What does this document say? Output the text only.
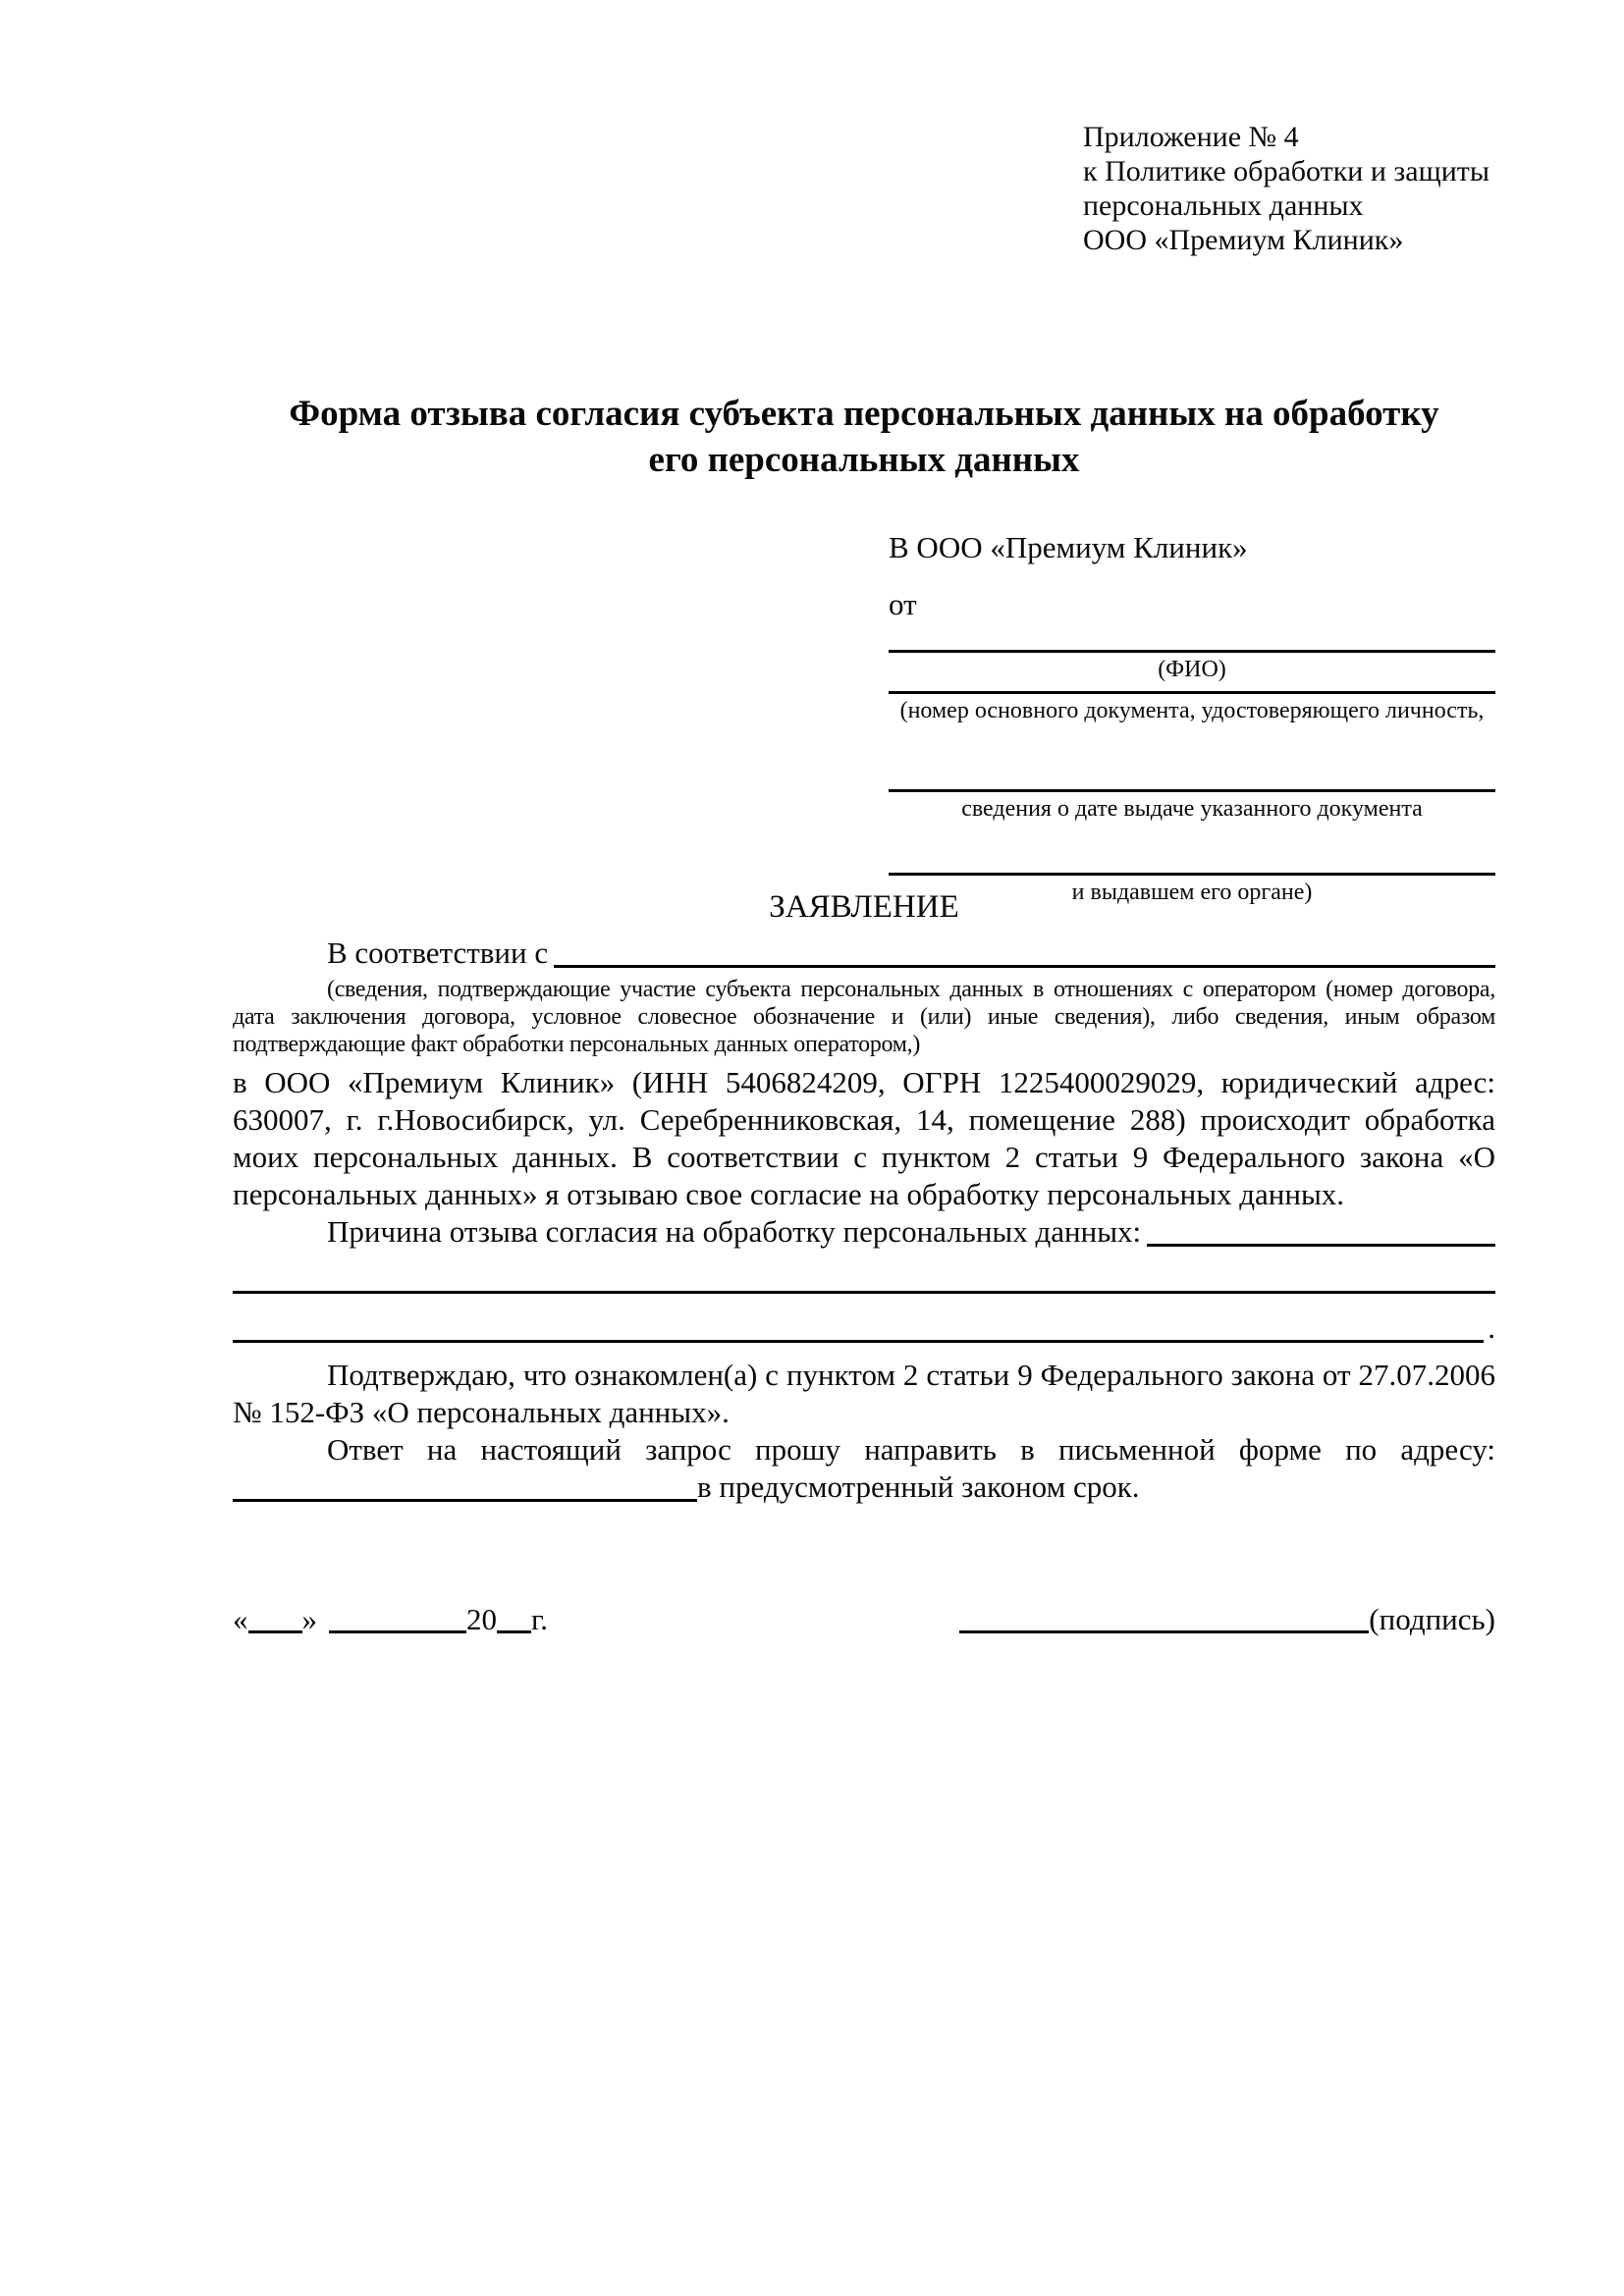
Приложение № 4
к Политике обработки и защиты
персональных данных
ООО «Премиум Клиник»
Форма отзыва согласия субъекта персональных данных на обработку
его персональных данных
В ООО «Премиум Клиник»
от
(ФИО)
(номер основного документа, удостоверяющего личность,
сведения о дате выдаче указанного документа
и выдавшем его органе)
ЗАЯВЛЕНИЕ
В соответствии с
(сведения, подтверждающие участие субъекта персональных данных в отношениях с оператором (номер договора, дата заключения договора, условное словесное обозначение и (или) иные сведения), либо сведения, иным образом подтверждающие факт обработки персональных данных оператором,)

в ООО «Премиум Клиник» (ИНН 5406824209, ОГРН 1225400029029, юридический адрес: 630007, г. г.Новосибирск, ул. Серебренниковская, 14, помещение 288) происходит обработка моих персональных данных. В соответствии с пунктом 2 статьи 9 Федерального закона «О персональных данных» я отзываю свое согласие на обработку персональных данных.

Причина отзыва согласия на обработку персональных данных:
.

Подтверждаю, что ознакомлен(а) с пунктом 2 статьи 9 Федерального закона от 27.07.2006 № 152-ФЗ «О персональных данных».

Ответ на настоящий запрос прошу направить в письменной форме по адресу:
в предусмотренный законом срок.
« »	20 г.	(подпись)
